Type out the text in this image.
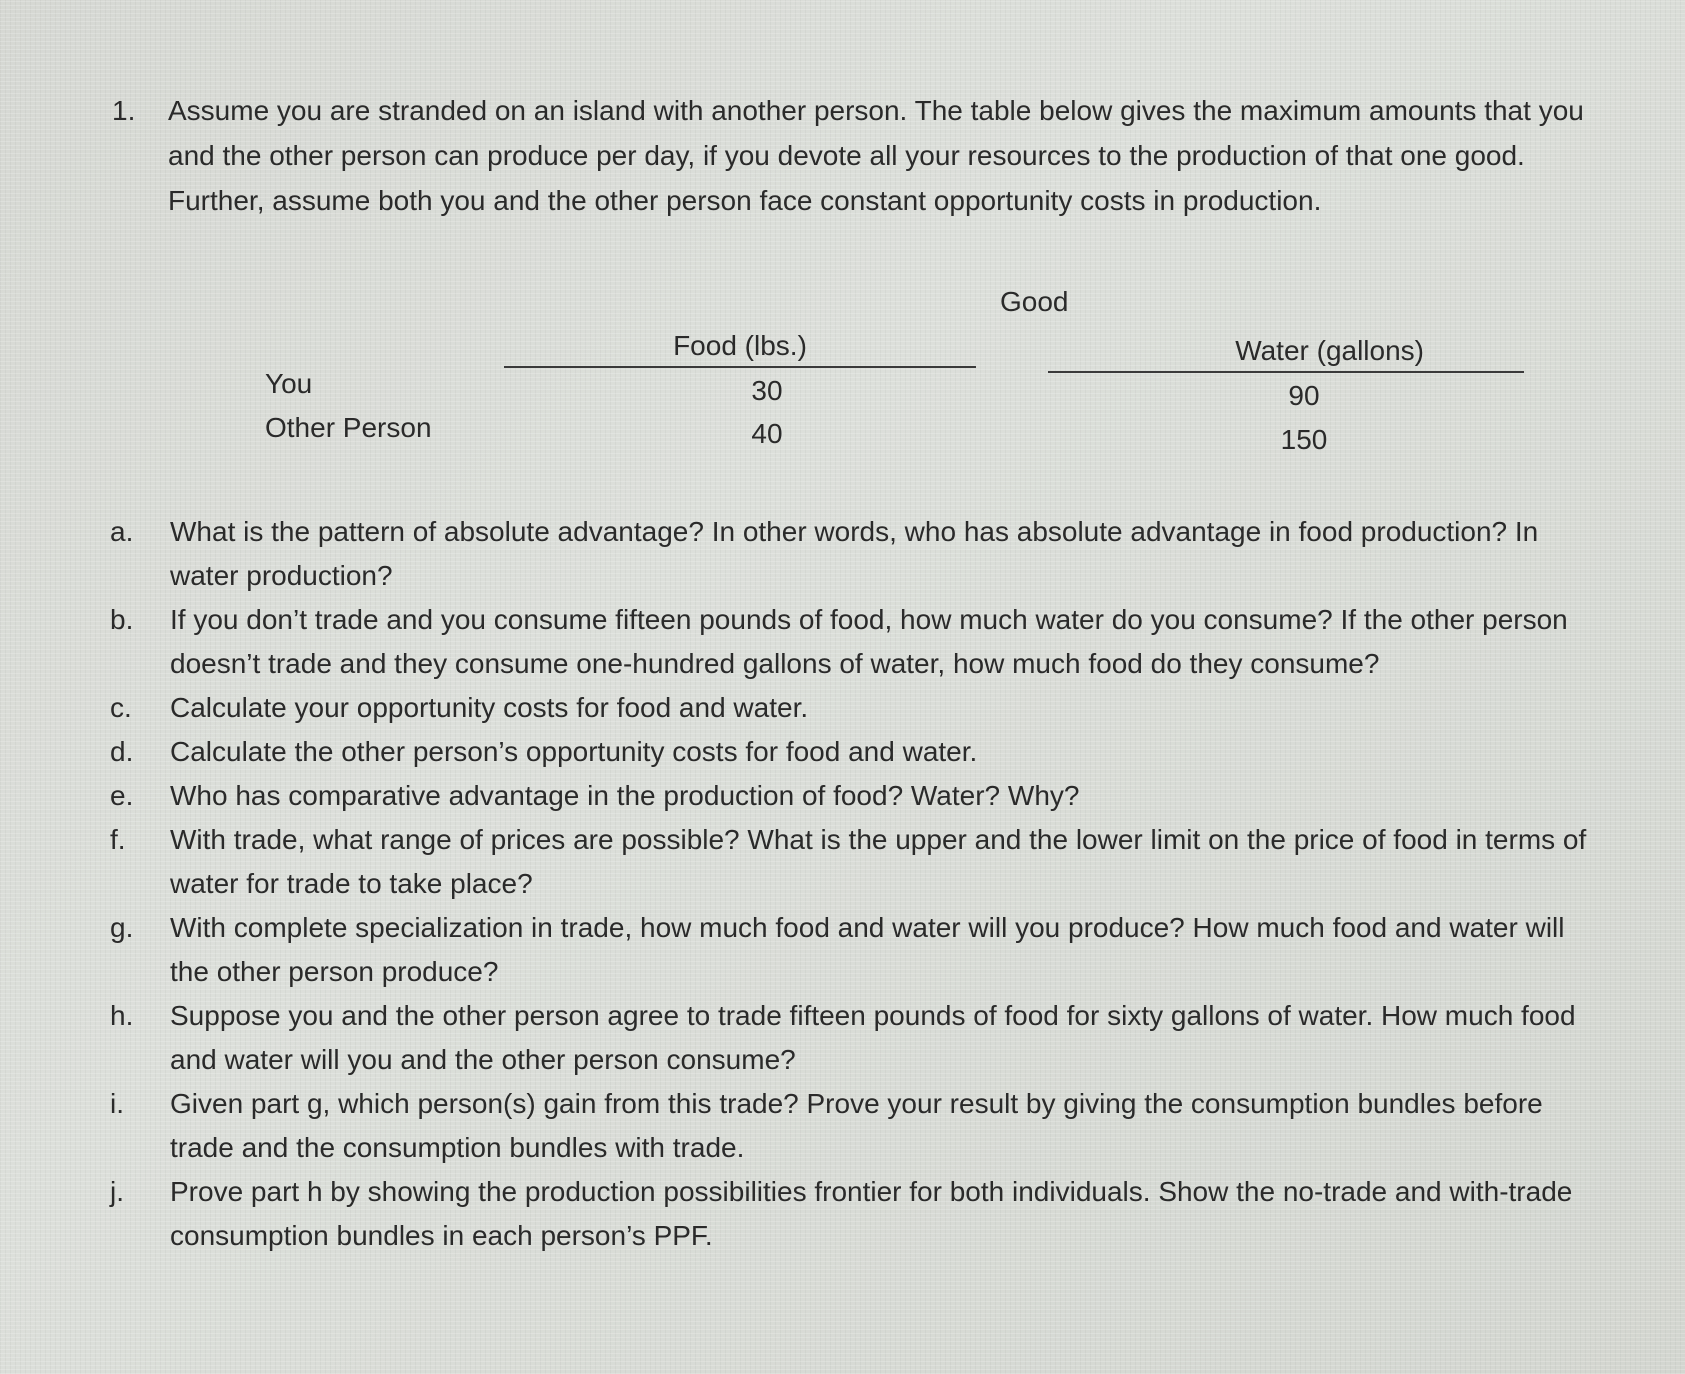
1.	Assume you are stranded on an island with another person. The table below gives the maximum amounts that you and the other person can produce per day, if you devote all your resources to the production of that one good. Further, assume both you and the other person face constant opportunity costs in production.
Good
Food (lbs.)	Water (gallons)
You	30	90
Other Person	40	150
a.	What is the pattern of absolute advantage? In other words, who has absolute advantage in food production? In water production?
b.	If you don’t trade and you consume fifteen pounds of food, how much water do you consume? If the other person doesn’t trade and they consume one-hundred gallons of water, how much food do they consume?
c.	Calculate your opportunity costs for food and water.
d.	Calculate the other person’s opportunity costs for food and water.
e.	Who has comparative advantage in the production of food? Water? Why?
f.	With trade, what range of prices are possible? What is the upper and the lower limit on the price of food in terms of water for trade to take place?
g.	With complete specialization in trade, how much food and water will you produce? How much food and water will the other person produce?
h.	Suppose you and the other person agree to trade fifteen pounds of food for sixty gallons of water. How much food and water will you and the other person consume?
i.	Given part g, which person(s) gain from this trade? Prove your result by giving the consumption bundles before trade and the consumption bundles with trade.
j.	Prove part h by showing the production possibilities frontier for both individuals. Show the no-trade and with-trade consumption bundles in each person’s PPF.
